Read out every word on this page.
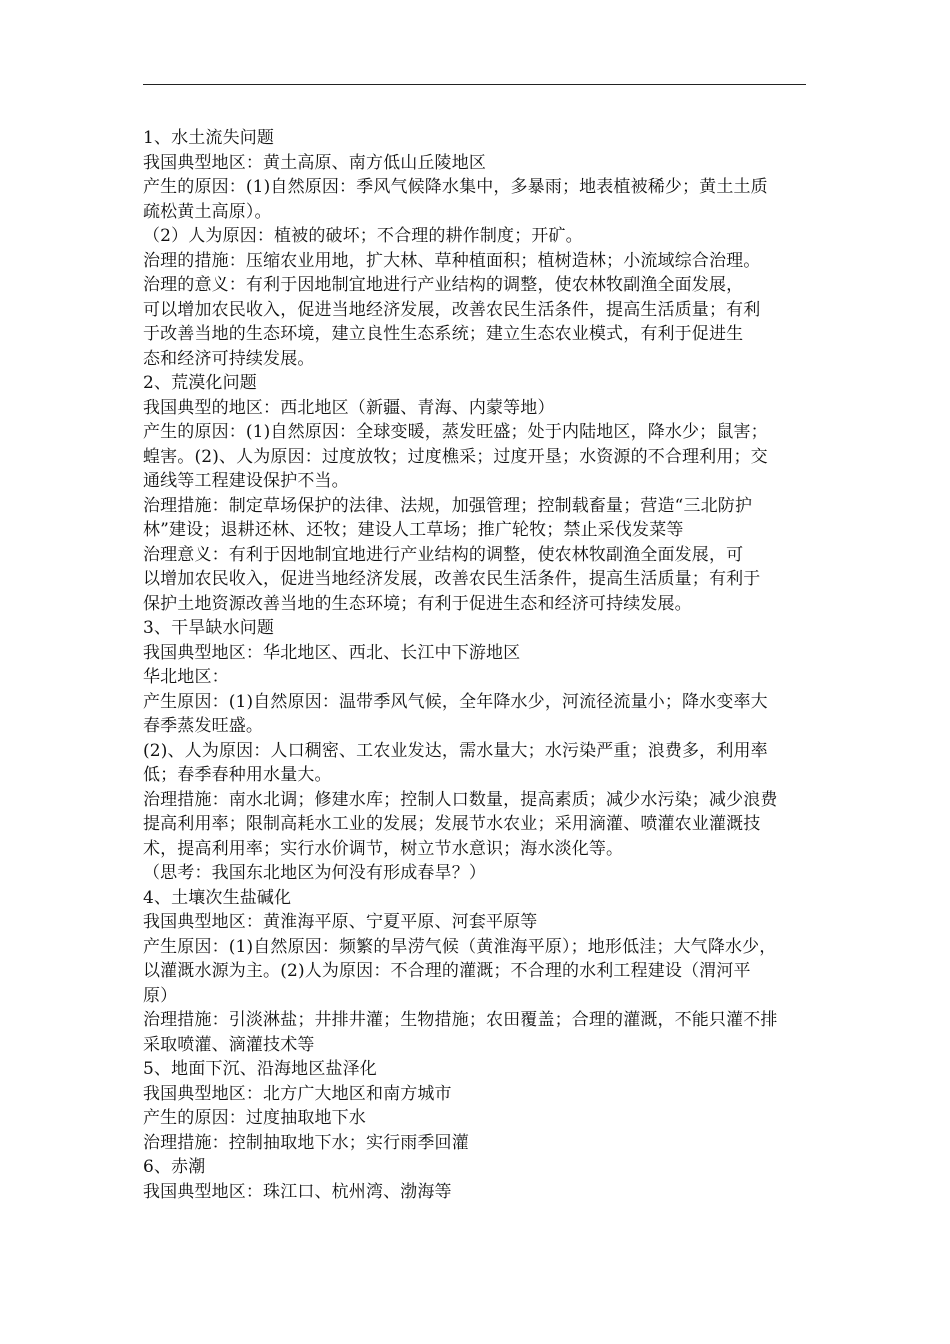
1、水土流失问题
我国典型地区：黄土高原、南方低山丘陵地区
产生的原因：(1)自然原因：季风气候降水集中，多暴雨；地表植被稀少；黄土土质
疏松黄土高原）。
（2）人为原因：植被的破坏；不合理的耕作制度；开矿。
治理的措施：压缩农业用地，扩大林、草种植面积；植树造林；小流域综合治理。
治理的意义：有利于因地制宜地进行产业结构的调整，使农林牧副渔全面发展，
可以增加农民收入，促进当地经济发展，改善农民生活条件，提高生活质量；有利
于改善当地的生态环境，建立良性生态系统；建立生态农业模式，有利于促进生
态和经济可持续发展。
2、荒漠化问题
我国典型的地区：西北地区（新疆、青海、内蒙等地）
产生的原因：(1)自然原因：全球变暖，蒸发旺盛；处于内陆地区，降水少；鼠害；
蝗害。(2)、人为原因：过度放牧；过度樵采；过度开垦；水资源的不合理利用；交
通线等工程建设保护不当。
治理措施：制定草场保护的法律、法规，加强管理；控制载畜量；营造“三北防护
林”建设；退耕还林、还牧；建设人工草场；推广轮牧；禁止采伐发菜等
治理意义：有利于因地制宜地进行产业结构的调整，使农林牧副渔全面发展，可
以增加农民收入，促进当地经济发展，改善农民生活条件，提高生活质量；有利于
保护土地资源改善当地的生态环境；有利于促进生态和经济可持续发展。
3、干旱缺水问题
我国典型地区：华北地区、西北、长江中下游地区
华北地区：
产生原因：(1)自然原因：温带季风气候，全年降水少，河流径流量小；降水变率大
春季蒸发旺盛。
(2)、人为原因：人口稠密、工农业发达，需水量大；水污染严重；浪费多，利用率
低；春季春种用水量大。
治理措施：南水北调；修建水库；控制人口数量，提高素质；减少水污染；减少浪费
提高利用率；限制高耗水工业的发展；发展节水农业；采用滴灌、喷灌农业灌溉技
术，提高利用率；实行水价调节，树立节水意识；海水淡化等。
（思考：我国东北地区为何没有形成春旱？）
4、土壤次生盐碱化
我国典型地区：黄淮海平原、宁夏平原、河套平原等
产生原因：(1)自然原因：频繁的旱涝气候（黄淮海平原）；地形低洼；大气降水少，
以灌溉水源为主。(2)人为原因：不合理的灌溉；不合理的水利工程建设（渭河平
原）
治理措施：引淡淋盐；井排井灌；生物措施；农田覆盖；合理的灌溉，不能只灌不排
采取喷灌、滴灌技术等
5、地面下沉、沿海地区盐泽化
我国典型地区：北方广大地区和南方城市
产生的原因：过度抽取地下水
治理措施：控制抽取地下水；实行雨季回灌
6、赤潮
我国典型地区：珠江口、杭州湾、渤海等
